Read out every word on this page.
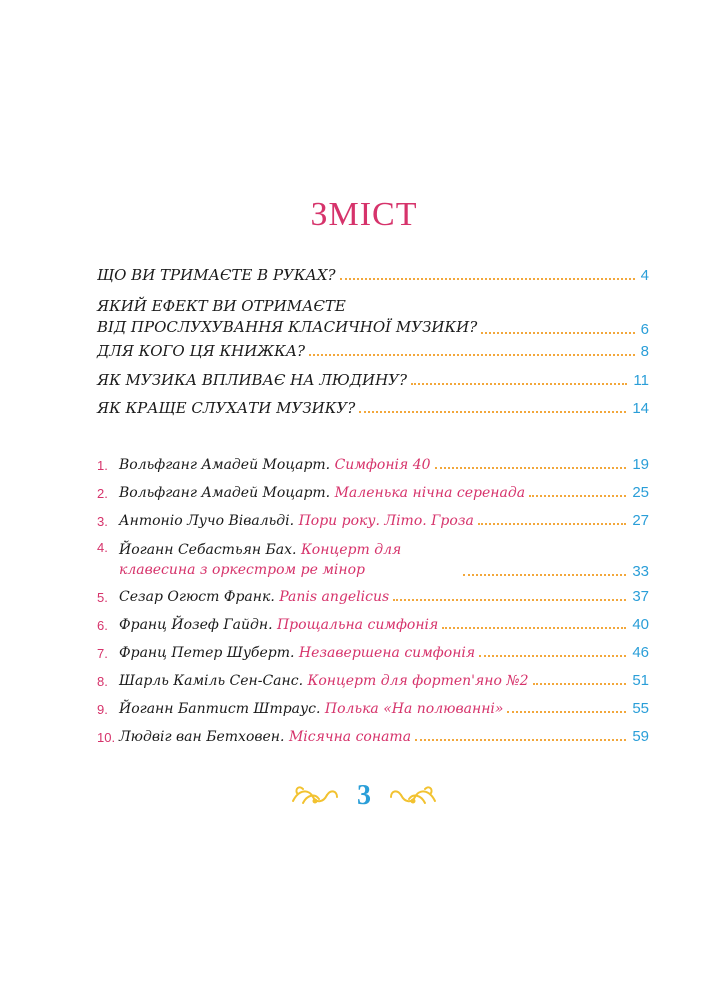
ЗМІСТ
ЩО ВИ ТРИМАЄТЕ В РУКАХ?	4
ЯКИЙ ЕФЕКТ ВИ ОТРИМАЄТЕ
ВІД ПРОСЛУХУВАННЯ КЛАСИЧНОЇ МУЗИКИ?	6
ДЛЯ КОГО ЦЯ КНИЖКА?	8
ЯК МУЗИКА ВПЛИВАЄ НА ЛЮДИНУ?	11
ЯК КРАЩЕ СЛУХАТИ МУЗИКУ?	14
1. Вольфганг Амадей Моцарт. Симфонія 40	19
2. Вольфганг Амадей Моцарт. Маленька нічна серенада	25
3. Антоніо Лучо Вівальді. Пори року. Літо. Гроза	27
4. Йоганн Себастьян Бах. Концерт для клавесина з оркестром ре мінор	33
5. Сезар Огюст Франк. Panis angelicus	37
6. Франц Йозеф Гайдн. Прощальна симфонія	40
7. Франц Петер Шуберт. Незавершена симфонія	46
8. Шарль Каміль Сен-Санс. Концерт для фортеп'яно №2	51
9. Йоганн Баптист Штраус. Полька «На полюванні»	55
10. Людвіг ван Бетховен. Місячна соната	59
3
